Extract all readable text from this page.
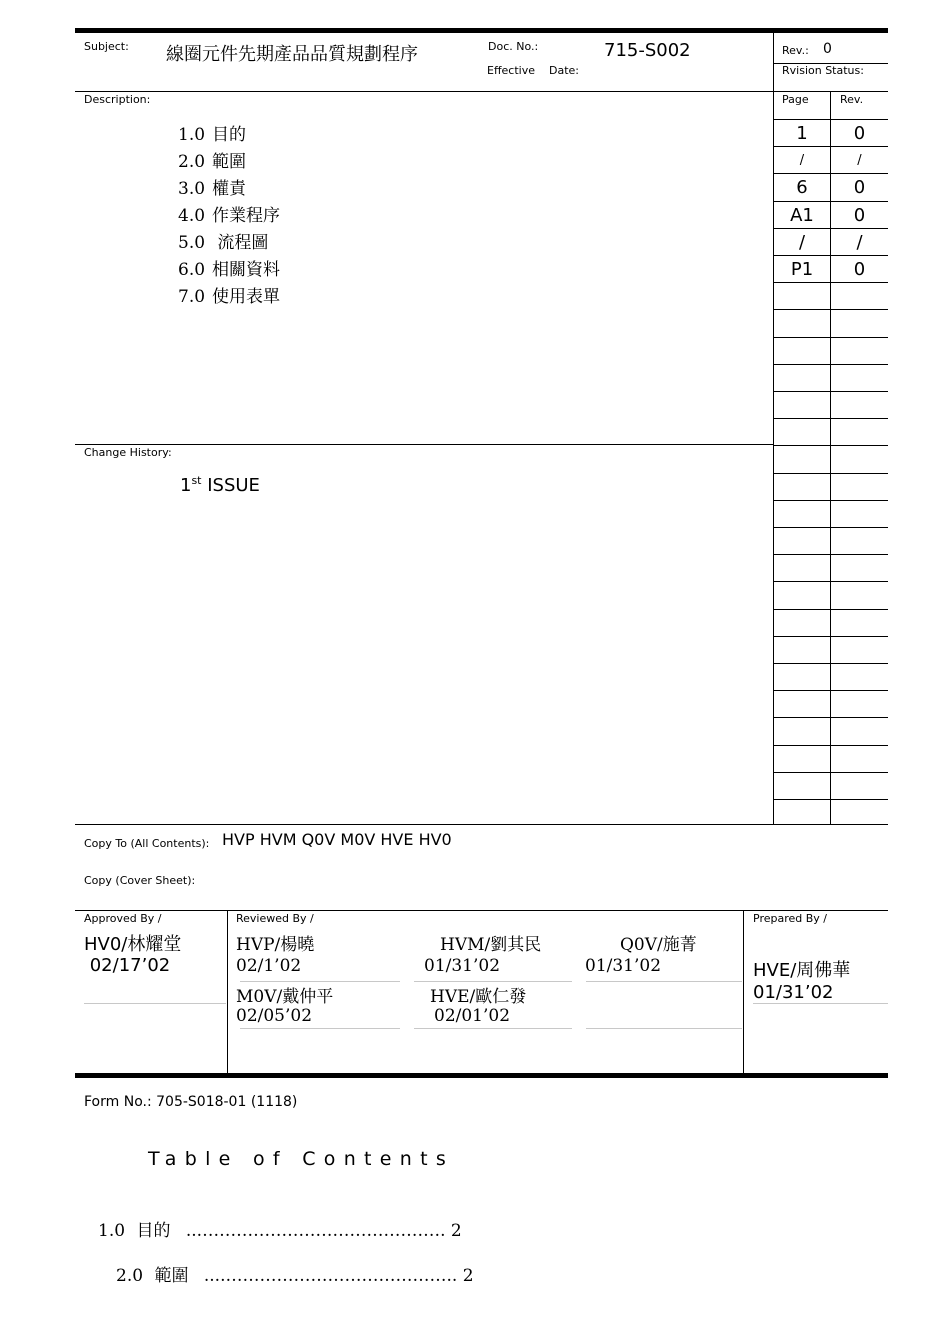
Subject: 線圈元件先期產品品質規劃程序	Doc. No.:	715-S002
Effective Date:
Rev.: 0
Rvision Status:
Description:
1.0 目的
2.0 範圍
3.0 權責
4.0 作業程序
5.0 流程圖
6.0 相關資料
7.0 使用表單
Page	Rev.
1	0
/	/
6	0
A1	0
/	/
P1	0
Change History:
1st ISSUE
Copy To (All Contents): HVP HVM Q0V M0V HVE HV0
Copy (Cover Sheet):
Approved By /
HV0/林耀堂
02/17’02
Reviewed By /
HVP/楊曉
02/1’02
HVM/劉其民
01/31’02
Q0V/施菁
01/31’02
M0V/戴仲平
02/05’02
HVE/歐仁發
02/01’02
Prepared By /
HVE/周佛華
01/31’02
Form No.: 705-S018-01 (1118)
Table of Contents
1.0 目的 ...……………………………………. 2
2.0 範圍 ....………………………………….. 2
